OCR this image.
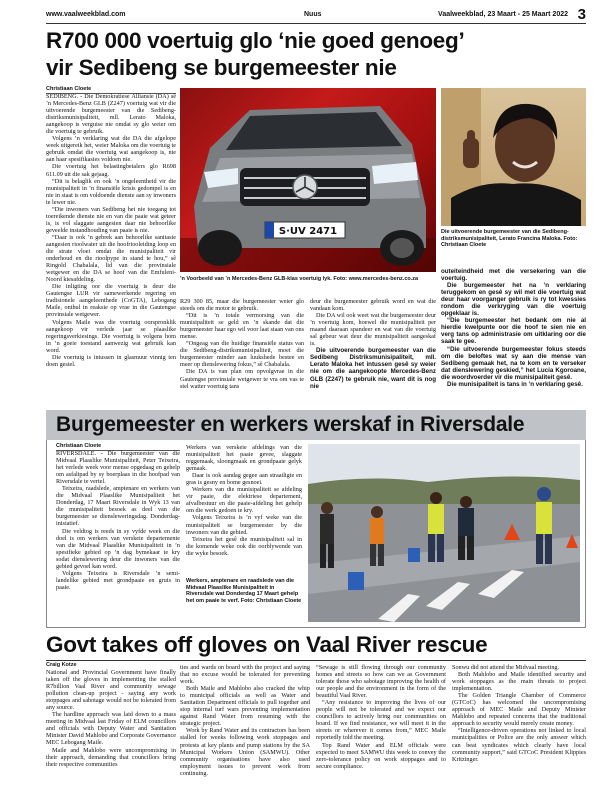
www.vaalweekblad.com	Nuus	Vaalweekblad, 23 Maart - 25 Maart 2022 3
R700 000 voertuig glo ‘nie goed genoeg’
vir Sedibeng se burgemeester nie
Christiaan Cloete

SEDIBENG. - Die Demokratiese Alliansie (DA) sê ’n Mercedes-Benz GLB (Z247) voertuig wat vir die uitvoerende burgemeester van die Sedibeng-distriksmunisipaliteit, mll. Lerato Maloka, aangekoop is verguise nie omdat sy glo weier om die voertuig te gebruik.

Volgens ’n verklaring wat die DA die afgelope week uitgereik het, weier Maloka om die voertuig te gebruik omdat die voertuig wat aangekoop is, nie aan haar spesifikasies voldoen nie.

Die voertuig het belastingbetalers glo R698 611.09 uit die sak gejaag.

“Dit is belaglik en ook ’n ongeleentheid vir die munisipaliteit in ’n finansiële krisis gedompel is en nie in staat is om voldoende dienste aan sy inwoners te lewer nie.

“Die inwoners van Sedibeng het nie toegang tot toereikende dienste nie en van die paaie wat geteer is, is vol slaggate aangesien daar nie behoorlike geveelde instandhouding van paaie is nie.

“Daar is ook ’n gebrek aan behoorlike sanitasie aangesien rioolwater uit die hoofriooleiding loop en die strate vloei omdat die munisipaliteit vir onderhoud en die rioolpype in stand te hou,” sê Ringold Chabalala, lid van die provinsiale wetgewer en die DA se hoof van die Emfuleni-Noord kiesafdeling.

Die inligting oor die voertuig is deur die Gautengse LUR vir samewerkende regering en tradisionele aangeleenthede (CoGTA), Lebogang Maile, onthul in reaksie op vrae in die Gautengse provinsiale wetgewer.

Volgens Maile was die voertuig oorspronklik aangekoop vir verlede jaar se plaaslike regeringsverkiesings. Die voertuig is volgens hom in ’n goeie toestand aanwezig wat gebruik kan word.

Die voertuig is intussen in glasmuur vinnig ten doen gestel.

S·UV 2471
’n Voorbeeld van ’n Mercedes-Benz GLB-klas voertuig lyk. Foto: www.mercedes-benz.co.za

R29 300 85, maar die burgemeester weier glo steeds om die motor te gebruik.

“Dit is ’n totale vermorsing van die munisipaliteit se geld en ’n skande dat die burgemeester haar ego wil voor laat staan van ons mense.

“Ongeag van die huidige finansiële status van die Sedibeng-distriksmunisipaliteit, moet die burgemeester minder aan luukshede bestee en meer op dienslewering fokus,” sê Chabalala.

Die DA is van plan om opvolgvrae in die Gautengse provinsiale wetgewer te vra om vas te stel watter voertuig tans

deur die burgemeester gebruik word en wat die vandaan kom.

Die DA wil ook weet wat die burgemeester deur ’n voertuig kom, hoewel die munisipaliteit per maand daaraan spandeer en wat van die voertuig sal gebeur wat deur die munisipaliteit aangeskaf is.

Die uitvoerende burgemeester van die Sedibeng Distriksmunisipaliteit, mll. Lerato Maloka het intussen gesê sy weier nie om die aangekoopte Mercedes-Benz GLB (Z247) te gebruik nie, want dit is nog nie

Die uitvoerende burgemeester van die Sedibeng-distriksmunisipaliteit, Lerato Francina Maloka. Foto: Christiaan Cloete

outeiteindheid met die versekering van die voertuig.

Die burgemeester het na ’n verklaring teruggekom en gesê sy wil met die voertuig wat deur haar voorganger gebruik is ry tot kwessies rondom die verkryging van die voertuig opgeklaar is.

“Die burgemeester het bedank om nie al hierdie kwelpunte oor die hoof te sien nie en verg tans op administrasie om uitklaring oor die saak te gee.

“Die uitvoerende burgemeester fokus steeds om die beloftes wat sy aan die mense van Sedibeng gemaak het, na te kom en te verseker dat dienslewering geskied,” het Lucia Kgoroane, die woordvoerder vir die munisipaliteit gesê.

Die munisipaliteit is tans in ’n verklaring gesê.

Burgemeester en werkers werskaf in Riversdale
Christiaan Cloete

RIVERSDALE. - Die burgemeester van die Midvaal Plaaslike Munisipaliteit, Peter Teixeira, het verlede week voor mense opgedaag en gehelp om asfaltpad by sy boerplaas in die hoofpad van Riversdale te vertel.

Teixeira, raadslede, amptenare en werkers van die Midvaal Plaaslike Munisipaliteit het Donderdag, 17 Maart Riversdale in Wyk 13 van die munisipaliteit besoek as deel van die burgemeester se diensleweringsdag. Donderdag-inisiatief.

Die veldtog is reeds in sy vyfde week en die doel is om werkers van verskeie departemente van die Midvaal Plaaslike Munisipaliteit in ’n spesifieke gebied op ’n dag bymekaar te kry sodat dienslewering deur die inwoners van die gebied gevoel kan word.

Volgens Teixeira is Riversdale ’n semi-landelike gebied met grondpaaie en gruis in paaie.

Werkers van verskeie afdelings van die munisipaliteit het paaie gevee, slaggate reggemaak, sloongmaak en grondpaaie gelyk gemaak.

Daar is ook aandag gegee aan straatligte en gras is gesny en bome gesnoei.

Werkers van die munisipaliteit se afdeling vir paaie, die elektriese departement, afvalbestuur en die paaie-afdeling het gehelp om die werk gedoen te kry.

Volgens Teixeira is ’n vyf weke van die munisipaliteit se burgemeester by die inwoners van die gebied.

Teixeira het gesê die munisipaliteit sal in die komende weke ook die oorblywende van die wyke besoek.

Werkers, amptenare en raadslede van die Midvaal Plaaslike Munisipaliteit in Riversdale wat Donderdag 17 Maart gehelp het om paaie te verf. Foto: Christiaan Cloete
Govt takes off gloves on Vaal River rescue
Craig Kotze

National and Provincial Government have finally taken off the gloves in implementing the stalled R7billion Vaal River and community sewage pollution clean-up project - saying any work stoppages and sabotage would not be tolerated from any source.

The hardline approach was laid down to a mass meeting in Midvaal last Friday of ELM councillors and officials with Deputy Water and Sanitation Minister David Mahlobo and Corporate Governance MEC Lebogang Maile.

Maile and Mahlobo were uncompromising in their approach, demanding that councillors bring their respective communities

ties and wards on board with the project and saying that no excuse would be tolerated for preventing work.

Both Maile and Mahlobo also cracked the whip to municipal officials as well as Water and Sanitation Department officials to pull together and stop internal turf wars preventing implementation against Rand Water from resuming with the strategic project.

Work by Rand Water and its contractors has been stalled for weeks following work stoppages and protests at key plants and pump stations by the SA Municipal Workers Union (SAMWU). Other community organisations have also used employment issues to prevent work from continuing.

“Sewage is still flowing through our community homes and streets so how can we as Government tolerate those who sabotage improving the health of our people and the environment in the form of the beautiful Vaal River.

“Any resistance to improving the lives of our people will not be tolerated and we expect our councillors to actively bring our communities on board. If we find resistance, we will meet it in the streets or wherever it comes from,” MEC Maile reportedly told the meeting.

Top Rand Water and ELM officials were expected to meet SAMWU this week to convey the zero-tolerance policy on work stoppages and to secure compliance.

Sonwu did not attend the Midvaal meeting.

Both Mahlobo and Maile identified security and work stoppages as the main threats to project implementation.

The Golden Triangle Chamber of Commerce (GTCoC) has welcomed the uncompromising approach of MEC Maile and Deputy Minister Mahlobo and repeated concerns that the traditional approach to security would merely create money.

“Intelligence-driven operations not linked to local municipalities or Police are the only answer which can beat syndicates which clearly have local community support,” said GTCoC President Klippies Kritzinger.
